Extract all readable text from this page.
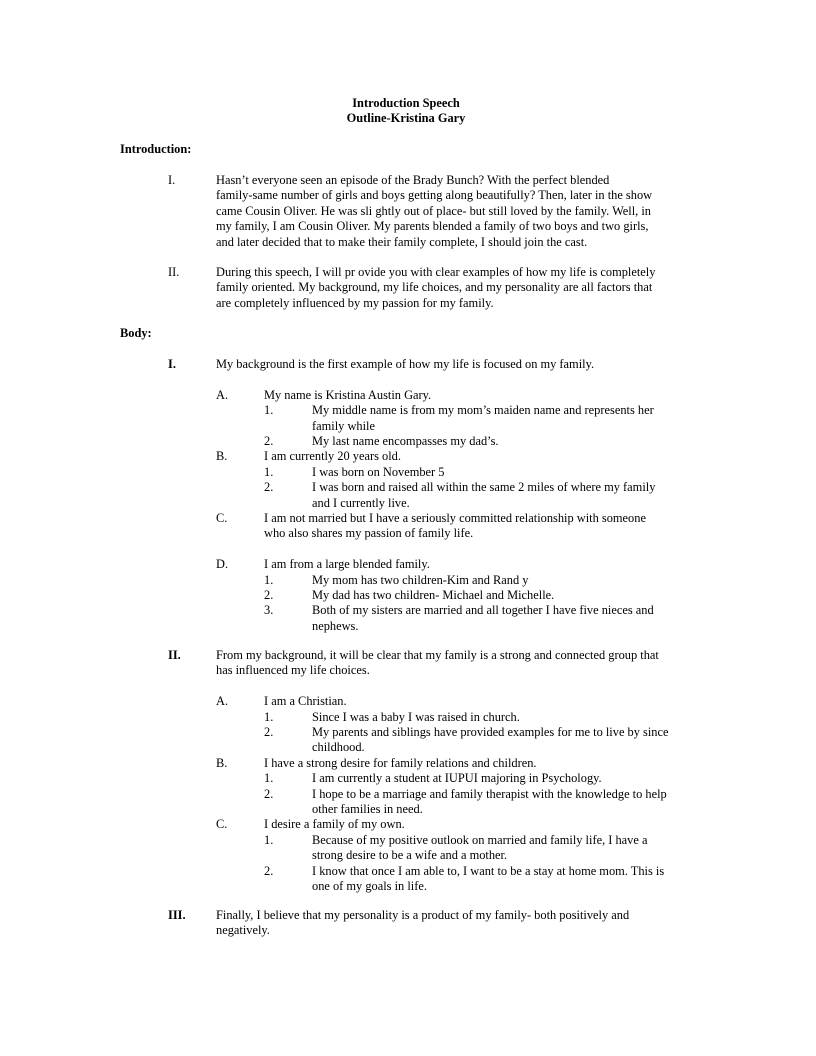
Introduction Speech
Outline-Kristina Gary
Introduction:
I.	Hasn’t everyone seen an episode of the Brady Bunch? With the perfect blended
family-same number of girls and boys getting along beautifully? Then, later in the show
came Cousin Oliver. He was sli ghtly out of place- but still loved by the family. Well, in
my family, I am Cousin Oliver. My parents blended a family of two boys and two girls,
and later decided that to make their family complete, I should join the cast.
II.	During this speech, I will pr ovide you with clear examples of how my life is completely
family oriented. My background, my life choices, and my personality are all factors that
are completely influenced by my passion for my family.
Body:
I.	My background is the first example of how my life is focused on my family.
A.	My name is Kristina Austin Gary.
1.	My middle name is from my mom’s maiden name and represents her
family while
2.	My last name encompasses my dad’s.
B.	I am currently 20 years old.
1.	I was born on November 5
2.	I was born and raised all within the same 2 miles of where my family
and I currently live.
C.	I am not married but I have a seriously committed relationship with someone
who also shares my passion of family life.
D.	I am from a large blended family.
1.	My mom has two children-Kim and Rand y
2.	My dad has two children- Michael and Michelle.
3.	Both of my sisters are married and all together I have five nieces and
nephews.
II.	From my background, it will be clear that my family is a strong and connected group that
has influenced my life choices.
A.	I am a Christian.
1.	Since I was a baby I was raised in church.
2.	My parents and siblings have provided examples for me to live by since
childhood.
B.	I have a strong desire for family relations and children.
1.	I am currently a student at IUPUI majoring in Psychology.
2.	I hope to be a marriage and family therapist with the knowledge to help
other families in need.
C.	I desire a family of my own.
1.	Because of my positive outlook on married and family life, I have a
strong desire to be a wife and a mother.
2.	I know that once I am able to, I want to be a stay at home mom. This is
one of my goals in life.
III. Finally, I believe that my personality is a product of my family- both positively and
negatively.
